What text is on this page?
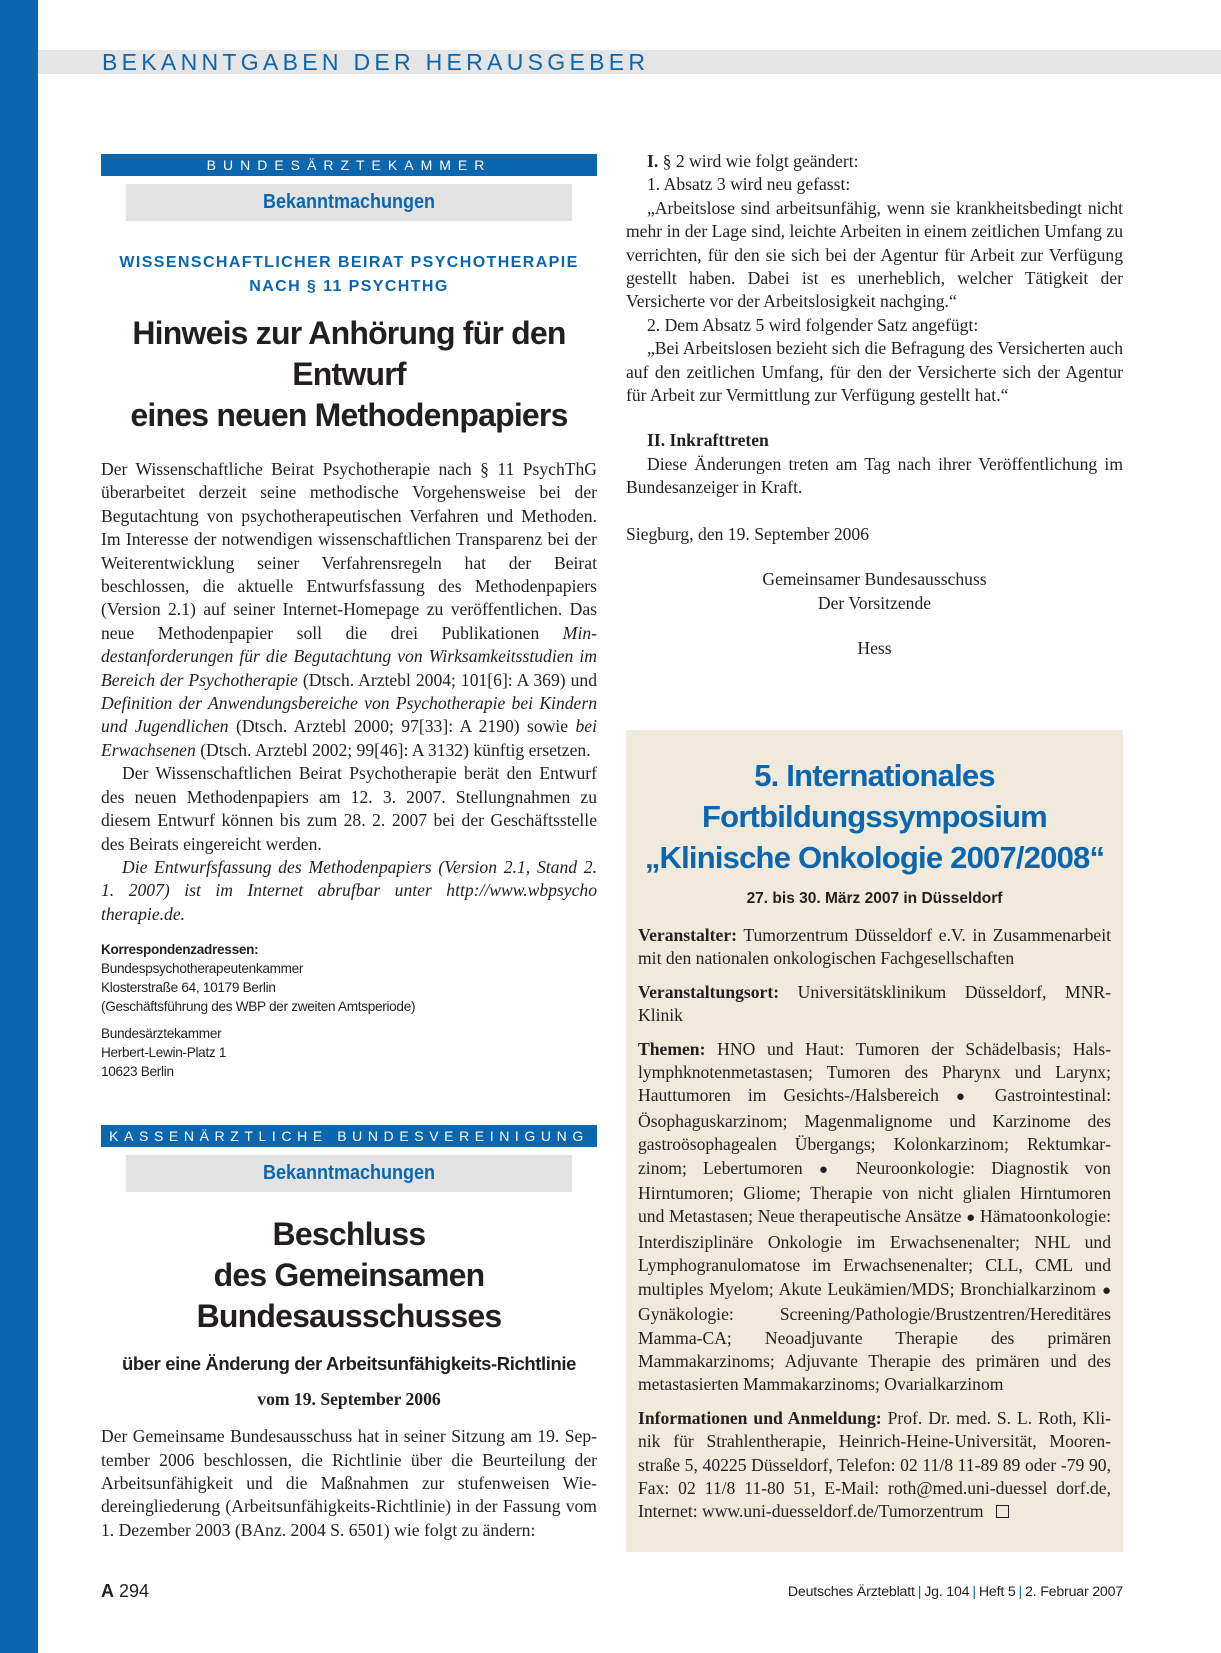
BEKANNTGABEN DER HERAUSGEBER
BUNDESÄRZTEKAMMER
Bekanntmachungen
WISSENSCHAFTLICHER BEIRAT PSYCHOTHERAPIE
NACH § 11 PSYCHTHG
Hinweis zur Anhörung für den Entwurf
eines neuen Methodenpapiers

Der Wissenschaftliche Beirat Psychotherapie nach § 11 PsychThG überarbeitet derzeit seine methodische Vorgehensweise bei der Begutachtung von psychotherapeutischen Verfahren und Methoden. Im Interesse der notwendigen wissenschaftlichen Transparenz bei der Weiterentwicklung seiner Verfahrensregeln hat der Beirat beschlossen, die aktuelle Entwurfsfassung des Methodenpapiers (Version 2.1) auf seiner Internet-Homepage zu veröffentlichen. Das neue Methodenpapier soll die drei Publikationen Mindestanforderungen für die Begutachtung von Wirksamkeitsstudien im Bereich der Psychotherapie (Dtsch. Arztebl 2004; 101[6]: A 369) und Definition der Anwendungsbereiche von Psychotherapie bei Kindern und Jugendlichen (Dtsch. Arztebl 2000; 97[33]: A 2190) sowie bei Erwachsenen (Dtsch. Arztebl 2002; 99[46]: A 3132) künftig ersetzen.

Der Wissenschaftlichen Beirat Psychotherapie berät den Entwurf des neuen Methodenpapiers am 12. 3. 2007. Stellungnahmen zu diesem Entwurf können bis zum 28. 2. 2007 bei der Geschäftsstelle des Beirats eingereicht werden.

Die Entwurfsfassung des Methodenpapiers (Version 2.1, Stand 2. 1. 2007) ist im Internet abrufbar unter http://www.wbpsycho therapie.de.

Korrespondenzadressen:
Bundespsychotherapeutenkammer
Klosterstraße 64, 10179 Berlin
(Geschäftsführung des WBP der zweiten Amtsperiode)
Bundesärztekammer
Herbert-Lewin-Platz 1
10623 Berlin
KASSENÄRZTLICHE BUNDESVEREINIGUNG
Bekanntmachungen
Beschluss
des Gemeinsamen Bundesausschusses
über eine Änderung der Arbeitsunfähigkeits-Richtlinie
vom 19. September 2006

Der Gemeinsame Bundesausschuss hat in seiner Sitzung am 19. September 2006 beschlossen, die Richtlinie über die Beurteilung der Arbeitsunfähigkeit und die Maßnahmen zur stufenweisen Wiedereingliederung (Arbeitsunfähigkeits-Richtlinie) in der Fassung vom 1. Dezember 2003 (BAnz. 2004 S. 6501) wie folgt zu ändern:

I. § 2 wird wie folgt geändert:

1. Absatz 3 wird neu gefasst:

„Arbeitslose sind arbeitsunfähig, wenn sie krankheitsbedingt nicht mehr in der Lage sind, leichte Arbeiten in einem zeitlichen Umfang zu verrichten, für den sie sich bei der Agentur für Arbeit zur Verfügung gestellt haben. Dabei ist es unerheblich, welcher Tätigkeit der Versicherte vor der Arbeitslosigkeit nachging.“

2. Dem Absatz 5 wird folgender Satz angefügt:

„Bei Arbeitslosen bezieht sich die Befragung des Versicherten auch auf den zeitlichen Umfang, für den der Versicherte sich der Agentur für Arbeit zur Vermittlung zur Verfügung gestellt hat.“

II. Inkrafttreten

Diese Änderungen treten am Tag nach ihrer Veröffentlichung im Bundesanzeiger in Kraft.

Siegburg, den 19. September 2006

Gemeinsamer Bundesausschuss
Der Vorsitzende
Hess
5. Internationales
Fortbildungssymposium
„Klinische Onkologie 2007/2008“
27. bis 30. März 2007 in Düsseldorf

Veranstalter: Tumorzentrum Düsseldorf e.V. in Zusammenarbeit mit den nationalen onkologischen Fachgesellschaften

Veranstaltungsort: Universitätsklinikum Düsseldorf, MNR-Klinik

Themen: HNO und Haut: Tumoren der Schädelbasis; Halslymphknotenmetastasen; Tumoren des Pharynx und Larynx; Hauttumoren im Gesichts-/Halsbereich ● Gastrointestinal: Ösophaguskarzinom; Magenmalignome und Karzinome des gastroösophagealen Übergangs; Kolonkarzinom; Rektumkarzinom; Lebertumoren ● Neuroonkologie: Diagnostik von Hirntumoren; Gliome; Therapie von nicht glialen Hirntumoren und Metastasen; Neue therapeutische Ansätze ● Hämatoonkologie: Interdisziplinäre Onkologie im Erwachsenenalter; NHL und Lymphogranulomatose im Erwachsenenalter; CLL, CML und multiples Myelom; Akute Leukämien/MDS; Bronchialkarzinom ● Gynäkologie: Screening/Pathologie/Brustzentren/Hereditäres Mamma-CA; Neoadjuvante Therapie des primären Mammakarzinoms; Adjuvante Therapie des primären und des metastasierten Mammakarzinoms; Ovarialkarzinom

Informationen und Anmeldung: Prof. Dr. med. S. L. Roth, Klinik für Strahlentherapie, Heinrich-Heine-Universität, Moorenstraße 5, 40225 Düsseldorf, Telefon: 02 11/8 11-89 89 oder -79 90, Fax: 02 11/8 11-80 51, E-Mail: roth@med.uni-duessel dorf.de, Internet: www.uni-duesseldorf.de/Tumorzentrum

A 294	Deutsches Ärzteblatt | Jg. 104 | Heft 5 | 2. Februar 2007
